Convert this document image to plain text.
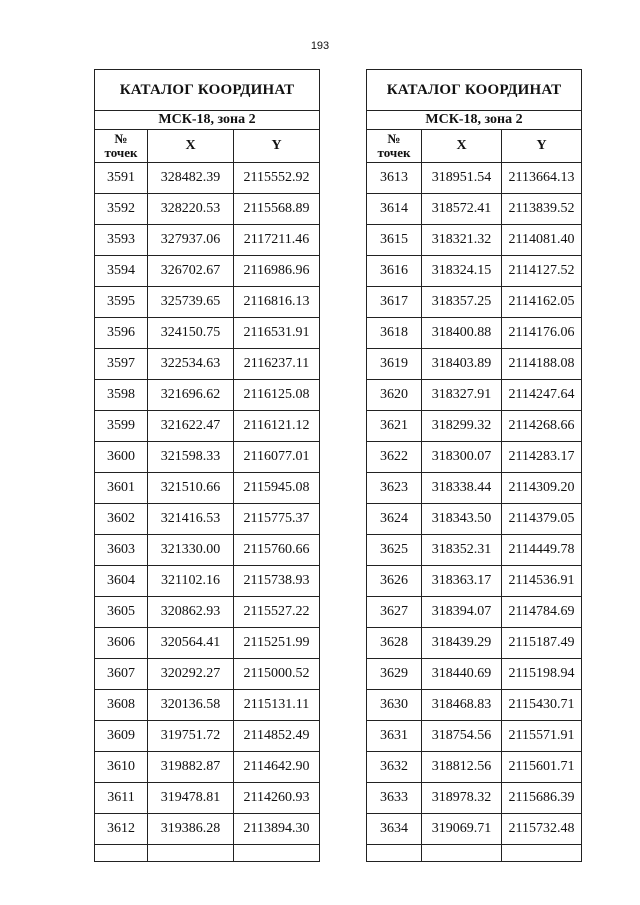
193
КАТАЛОГ КООРДИНАТ		
МСК-18, зона 2		
№
точек	X	Y
3591	328482.39	2115552.92
3592	328220.53	2115568.89
3593	327937.06	2117211.46
3594	326702.67	2116986.96
3595	325739.65	2116816.13
3596	324150.75	2116531.91
3597	322534.63	2116237.11
3598	321696.62	2116125.08
3599	321622.47	2116121.12
3600	321598.33	2116077.01
3601	321510.66	2115945.08
3602	321416.53	2115775.37
3603	321330.00	2115760.66
3604	321102.16	2115738.93
3605	320862.93	2115527.22
3606	320564.41	2115251.99
3607	320292.27	2115000.52
3608	320136.58	2115131.11
3609	319751.72	2114852.49
3610	319882.87	2114642.90
3611	319478.81	2114260.93
3612	319386.28	2113894.30

КАТАЛОГ КООРДИНАТ		
МСК-18, зона 2		
№
точек	X	Y
3613	318951.54	2113664.13
3614	318572.41	2113839.52
3615	318321.32	2114081.40
3616	318324.15	2114127.52
3617	318357.25	2114162.05
3618	318400.88	2114176.06
3619	318403.89	2114188.08
3620	318327.91	2114247.64
3621	318299.32	2114268.66
3622	318300.07	2114283.17
3623	318338.44	2114309.20
3624	318343.50	2114379.05
3625	318352.31	2114449.78
3626	318363.17	2114536.91
3627	318394.07	2114784.69
3628	318439.29	2115187.49
3629	318440.69	2115198.94
3630	318468.83	2115430.71
3631	318754.56	2115571.91
3632	318812.56	2115601.71
3633	318978.32	2115686.39
3634	319069.71	2115732.48
